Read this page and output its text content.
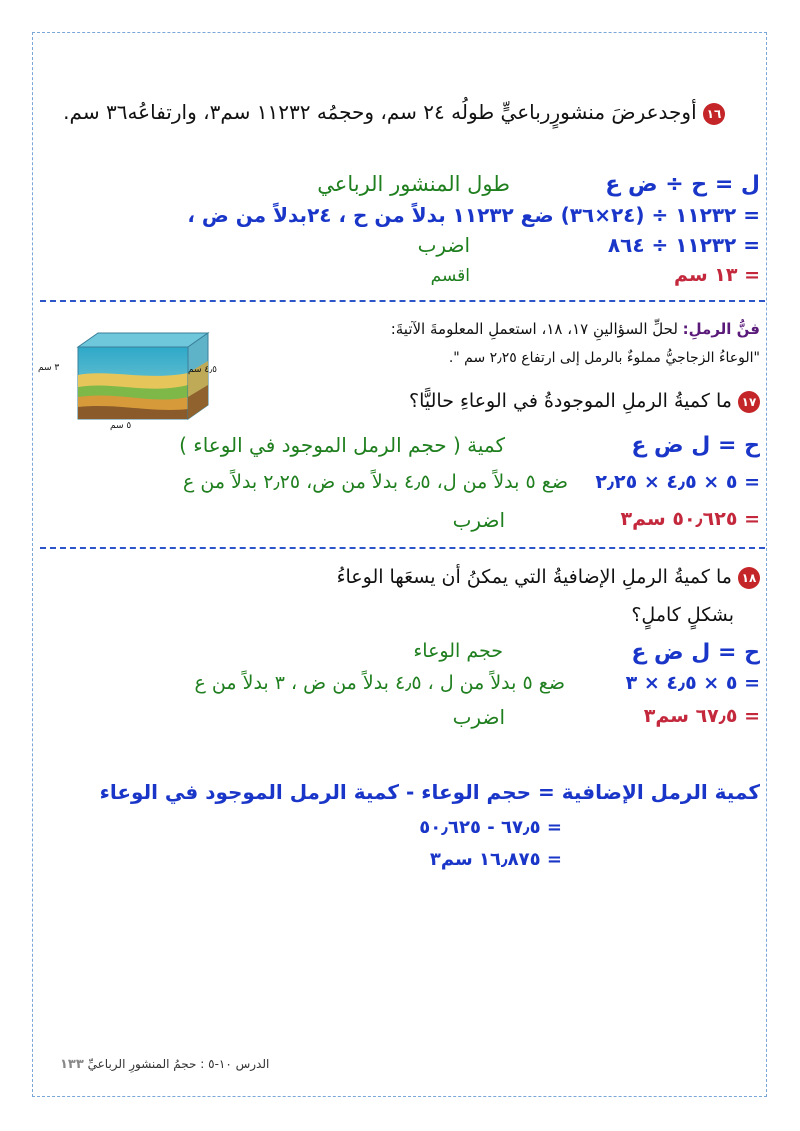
١٦ أوجدعرضَ منشورٍرباعيٍّ طولُه ٢٤ سم، وحجمُه ١١٢٣٢ سم٣، وارتفاعُه٣٦ سم.
ل = ح ÷ ض ع
طول المنشور الرباعي
= ١١٢٣٢ ÷ (٢٤×٣٦) ضع ١١٢٣٢ بدلاً من ح ، ٢٤بدلاً من ض ،
= ١١٢٣٢ ÷ ٨٦٤
اضرب
= ١٣ سم
اقسم
فنُّ الرملِ: لحلِّ السؤالينِ ١٧، ١٨، استعملِ المعلومةَ الآتيةَ:
"الوعاءُ الزجاجيُّ مملوءٌ بالرمل إلى ارتفاع ٢٫٢٥ سم ".
٣ سم	٤٫٥ سم
٥ سم
١٧ ما كميةُ الرملِ الموجودةُ في الوعاءِ حاليًّا؟
ح = ل ض ع
كمية ( حجم الرمل الموجود في الوعاء )
= ٥ × ٤٫٥ × ٢٫٢٥
ضع ٥ بدلاً من ل، ٤٫٥ بدلاً من ض، ٢٫٢٥ بدلاً من ع
= ٥٠٫٦٢٥ سم٣
اضرب
١٨ ما كميةُ الرملِ الإضافيةُ التي يمكنُ أن يسعَها الوعاءُ
بشكلٍ كاملٍ؟
ح = ل ض ع
حجم الوعاء
= ٥ × ٤٫٥ × ٣
ضع ٥ بدلاً من ل ، ٤٫٥ بدلاً من ض ، ٣ بدلاً من ع
= ٦٧٫٥ سم٣
اضرب
كمية الرمل الإضافية = حجم الوعاء - كمية الرمل الموجود في الوعاء
= ٦٧٫٥ - ٥٠٫٦٢٥
= ١٦٫٨٧٥ سم٣
الدرس ١٠-٥ : حجمُ المنشورِ الرباعيِّ ١٣٣
